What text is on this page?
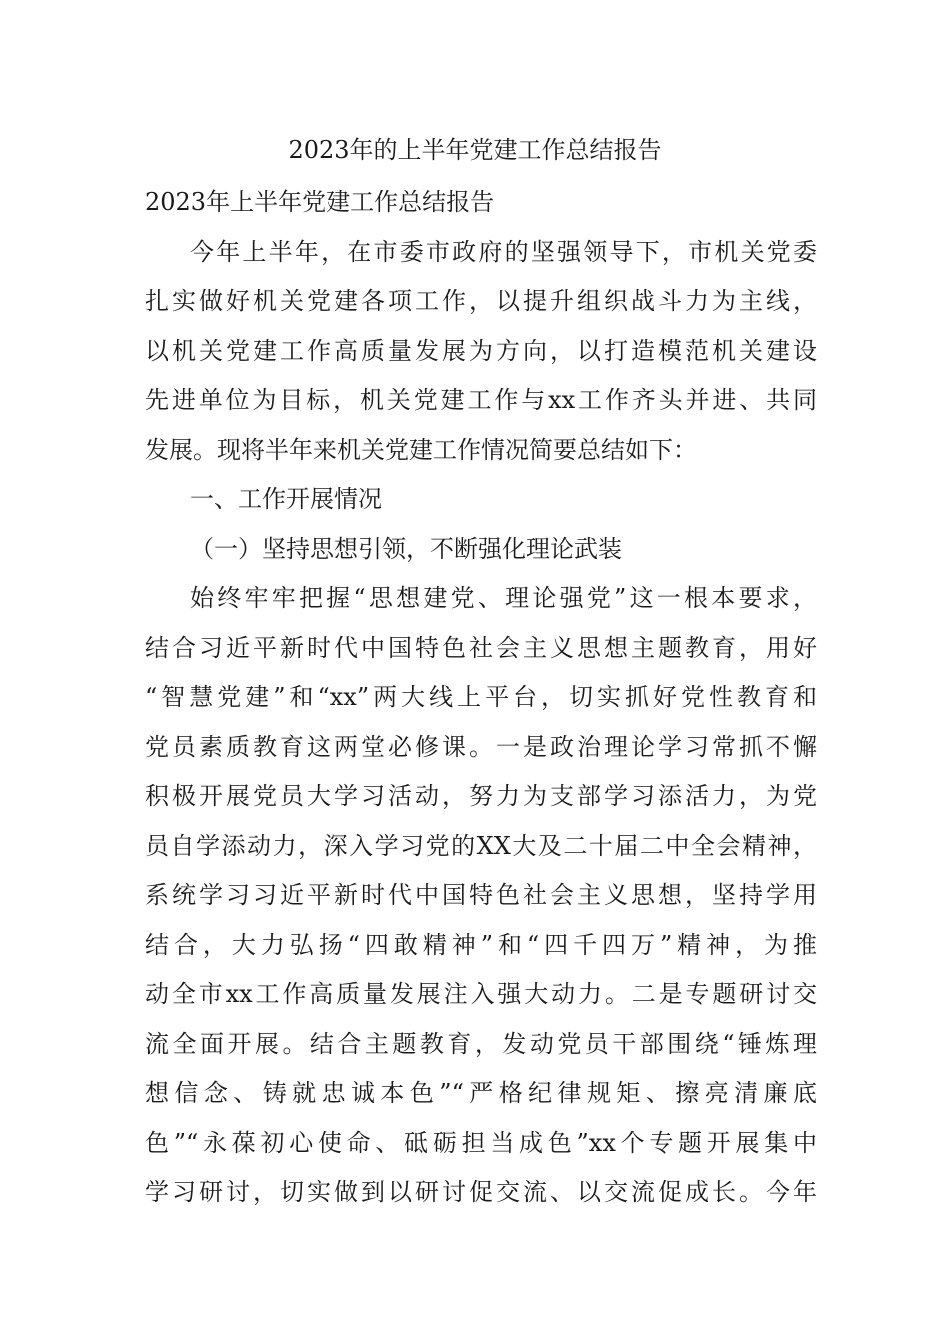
2023年的上半年党建工作总结报告
2023年上半年党建工作总结报告
今年上半年，在市委市政府的坚强领导下，市机关党委
扎实做好机关党建各项工作，以提升组织战斗力为主线，
以机关党建工作高质量发展为方向，以打造模范机关建设
先进单位为目标，机关党建工作与xx工作齐头并进、共同
发展。现将半年来机关党建工作情况简要总结如下：
一、工作开展情况
（一）坚持思想引领，不断强化理论武装
始终牢牢把握“思想建党、理论强党”这一根本要求，
结合习近平新时代中国特色社会主义思想主题教育，用好
“智慧党建”和“xx”两大线上平台，切实抓好党性教育和
党员素质教育这两堂必修课。一是政治理论学习常抓不懈
积极开展党员大学习活动，努力为支部学习添活力，为党
员自学添动力，深入学习党的XX大及二十届二中全会精神，
系统学习习近平新时代中国特色社会主义思想，坚持学用
结合，大力弘扬“四敢精神”和“四千四万”精神，为推
动全市xx工作高质量发展注入强大动力。二是专题研讨交
流全面开展。结合主题教育，发动党员干部围绕“锤炼理
想信念、铸就忠诚本色”“严格纪律规矩、擦亮清廉底
色”“永葆初心使命、砥砺担当成色”xx个专题开展集中
学习研讨，切实做到以研讨促交流、以交流促成长。今年
